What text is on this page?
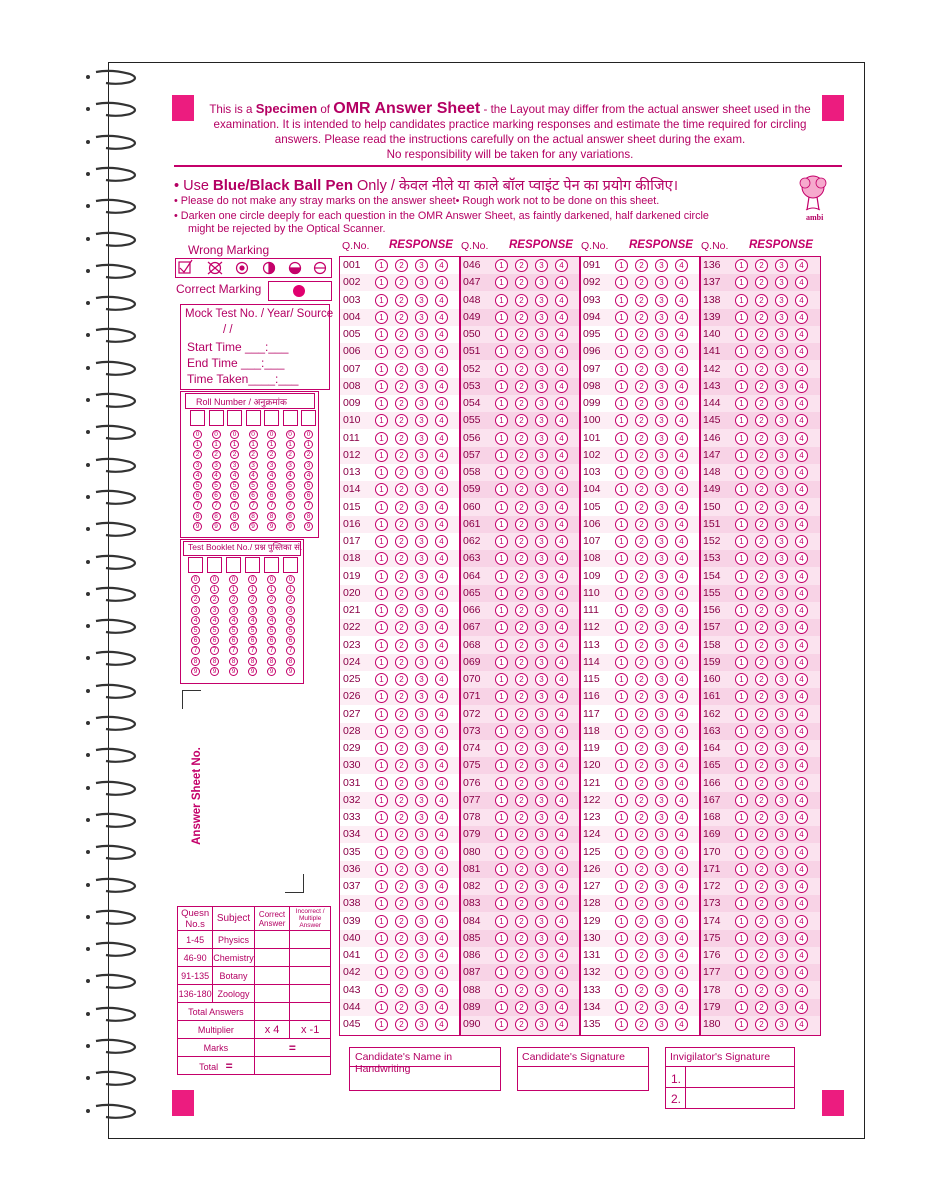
This is a Specimen of OMR Answer Sheet - the Layout may differ from the actual answer sheet used in the
examination. It is intended to help candidates practice marking responses and estimate the time required for circling
answers. Please read the instructions carefully on the actual answer sheet during the exam.
No responsibility will be taken for any variations.
• Use Blue/Black Ball Pen Only / केवल नीले या काले बॉल प्वाइंट पेन का प्रयोग कीजिए।
• Please do not make any stray marks on the answer sheet• Rough work not to be done on this sheet.
• Darken one circle deeply for each question in the OMR Answer Sheet, as faintly darkened, half darkened circle
might be rejected by the Optical Scanner.
ambi
Wrong Marking
Correct Marking
Mock Test No. / Year/ Source
/ /
Start Time ___:___
End Time ___:___
Time Taken____:___
Roll Number / अनुक्रमांक
0
1
2
3
4
5
6
7
8
9
0
1
2
3
4
5
6
7
8
9
0
1
2
3
4
5
6
7
8
9
0
1
2
3
4
5
6
7
8
9
0
1
2
3
4
5
6
7
8
9
0
1
2
3
4
5
6
7
8
9
0
1
2
3
4
5
6
7
8
9
Test Booklet No./ प्रश्न पुस्तिका सं.
0
1
2
3
4
5
6
7
8
9
0
1
2
3
4
5
6
7
8
9
0
1
2
3
4
5
6
7
8
9
0
1
2
3
4
5
6
7
8
9
0
1
2
3
4
5
6
7
8
9
0
1
2
3
4
5
6
7
8
9
Answer Sheet No.
Q.No. RESPONSE Q.No. RESPONSE Q.No. RESPONSE Q.No. RESPONSE
001	1	2	3	4
002	1	2	3	4
003	1	2	3	4
004	1	2	3	4
005	1	2	3	4
006	1	2	3	4
007	1	2	3	4
008	1	2	3	4
009	1	2	3	4
010	1	2	3	4
011	1	2	3	4
012	1	2	3	4
013	1	2	3	4
014	1	2	3	4
015	1	2	3	4
016	1	2	3	4
017	1	2	3	4
018	1	2	3	4
019	1	2	3	4
020	1	2	3	4
021	1	2	3	4
022	1	2	3	4
023	1	2	3	4
024	1	2	3	4
025	1	2	3	4
026	1	2	3	4
027	1	2	3	4
028	1	2	3	4
029	1	2	3	4
030	1	2	3	4
031	1	2	3	4
032	1	2	3	4
033	1	2	3	4
034	1	2	3	4
035	1	2	3	4
036	1	2	3	4
037	1	2	3	4
038	1	2	3	4
039	1	2	3	4
040	1	2	3	4
041	1	2	3	4
042	1	2	3	4
043	1	2	3	4
044	1	2	3	4
045	1	2	3	4
046	1	2	3	4
047	1	2	3	4
048	1	2	3	4
049	1	2	3	4
050	1	2	3	4
051	1	2	3	4
052	1	2	3	4
053	1	2	3	4
054	1	2	3	4
055	1	2	3	4
056	1	2	3	4
057	1	2	3	4
058	1	2	3	4
059	1	2	3	4
060	1	2	3	4
061	1	2	3	4
062	1	2	3	4
063	1	2	3	4
064	1	2	3	4
065	1	2	3	4
066	1	2	3	4
067	1	2	3	4
068	1	2	3	4
069	1	2	3	4
070	1	2	3	4
071	1	2	3	4
072	1	2	3	4
073	1	2	3	4
074	1	2	3	4
075	1	2	3	4
076	1	2	3	4
077	1	2	3	4
078	1	2	3	4
079	1	2	3	4
080	1	2	3	4
081	1	2	3	4
082	1	2	3	4
083	1	2	3	4
084	1	2	3	4
085	1	2	3	4
086	1	2	3	4
087	1	2	3	4
088	1	2	3	4
089	1	2	3	4
090	1	2	3	4
091	1	2	3	4
092	1	2	3	4
093	1	2	3	4
094	1	2	3	4
095	1	2	3	4
096	1	2	3	4
097	1	2	3	4
098	1	2	3	4
099	1	2	3	4
100	1	2	3	4
101	1	2	3	4
102	1	2	3	4
103	1	2	3	4
104	1	2	3	4
105	1	2	3	4
106	1	2	3	4
107	1	2	3	4
108	1	2	3	4
109	1	2	3	4
110	1	2	3	4
111	1	2	3	4
112	1	2	3	4
113	1	2	3	4
114	1	2	3	4
115	1	2	3	4
116	1	2	3	4
117	1	2	3	4
118	1	2	3	4
119	1	2	3	4
120	1	2	3	4
121	1	2	3	4
122	1	2	3	4
123	1	2	3	4
124	1	2	3	4
125	1	2	3	4
126	1	2	3	4
127	1	2	3	4
128	1	2	3	4
129	1	2	3	4
130	1	2	3	4
131	1	2	3	4
132	1	2	3	4
133	1	2	3	4
134	1	2	3	4
135	1	2	3	4
136	1	2	3	4
137	1	2	3	4
138	1	2	3	4
139	1	2	3	4
140	1	2	3	4
141	1	2	3	4
142	1	2	3	4
143	1	2	3	4
144	1	2	3	4
145	1	2	3	4
146	1	2	3	4
147	1	2	3	4
148	1	2	3	4
149	1	2	3	4
150	1	2	3	4
151	1	2	3	4
152	1	2	3	4
153	1	2	3	4
154	1	2	3	4
155	1	2	3	4
156	1	2	3	4
157	1	2	3	4
158	1	2	3	4
159	1	2	3	4
160	1	2	3	4
161	1	2	3	4
162	1	2	3	4
163	1	2	3	4
164	1	2	3	4
165	1	2	3	4
166	1	2	3	4
167	1	2	3	4
168	1	2	3	4
169	1	2	3	4
170	1	2	3	4
171	1	2	3	4
172	1	2	3	4
173	1	2	3	4
174	1	2	3	4
175	1	2	3	4
176	1	2	3	4
177	1	2	3	4
178	1	2	3	4
179	1	2	3	4
180	1	2	3	4
Quesn No.s	Subject	Correct Answer	Incorrect / Multiple Answer
1-45	Physics		
46-90	Chemistry		
91-135	Botany		
136-180	Zoology		
Total Answers			
Multiplier		x 4	x -1
Marks		=	
Total =			
Candidate's Name in Handwriting
Candidate's Signature	Invigilator's Signature
1.
2.
